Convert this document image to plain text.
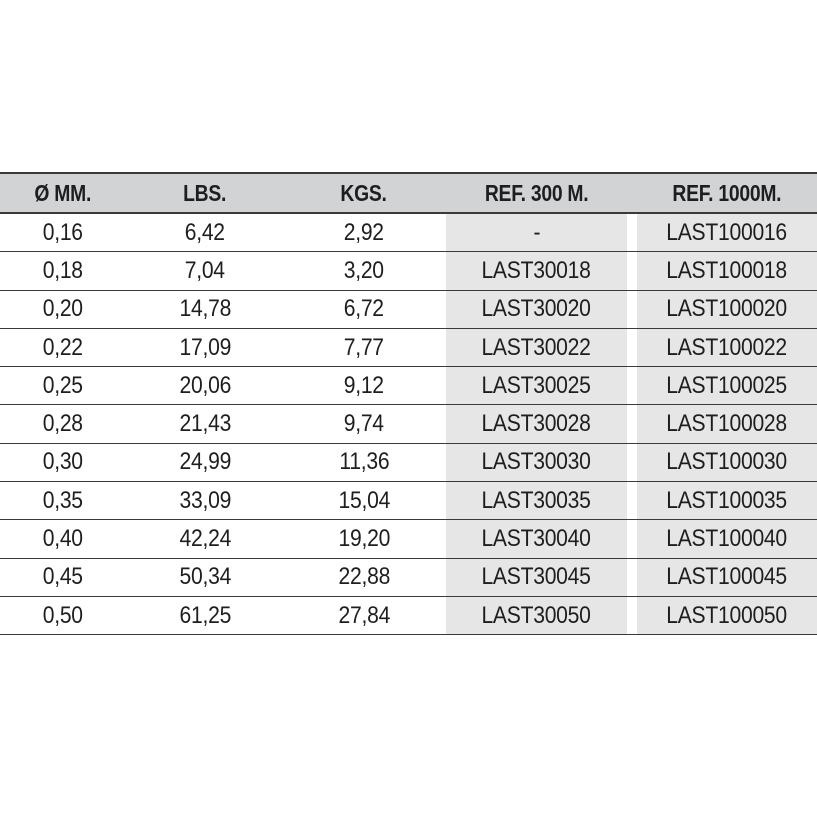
Ø MM.	LBS.	KGS.	REF. 300 M.	REF. 1000M.
0,16	6,42	2,92	-	LAST100016
0,18	7,04	3,20	LAST30018	LAST100018
0,20	14,78	6,72	LAST30020	LAST100020
0,22	17,09	7,77	LAST30022	LAST100022
0,25	20,06	9,12	LAST30025	LAST100025
0,28	21,43	9,74	LAST30028	LAST100028
0,30	24,99	11,36	LAST30030	LAST100030
0,35	33,09	15,04	LAST30035	LAST100035
0,40	42,24	19,20	LAST30040	LAST100040
0,45	50,34	22,88	LAST30045	LAST100045
0,50	61,25	27,84	LAST30050	LAST100050
